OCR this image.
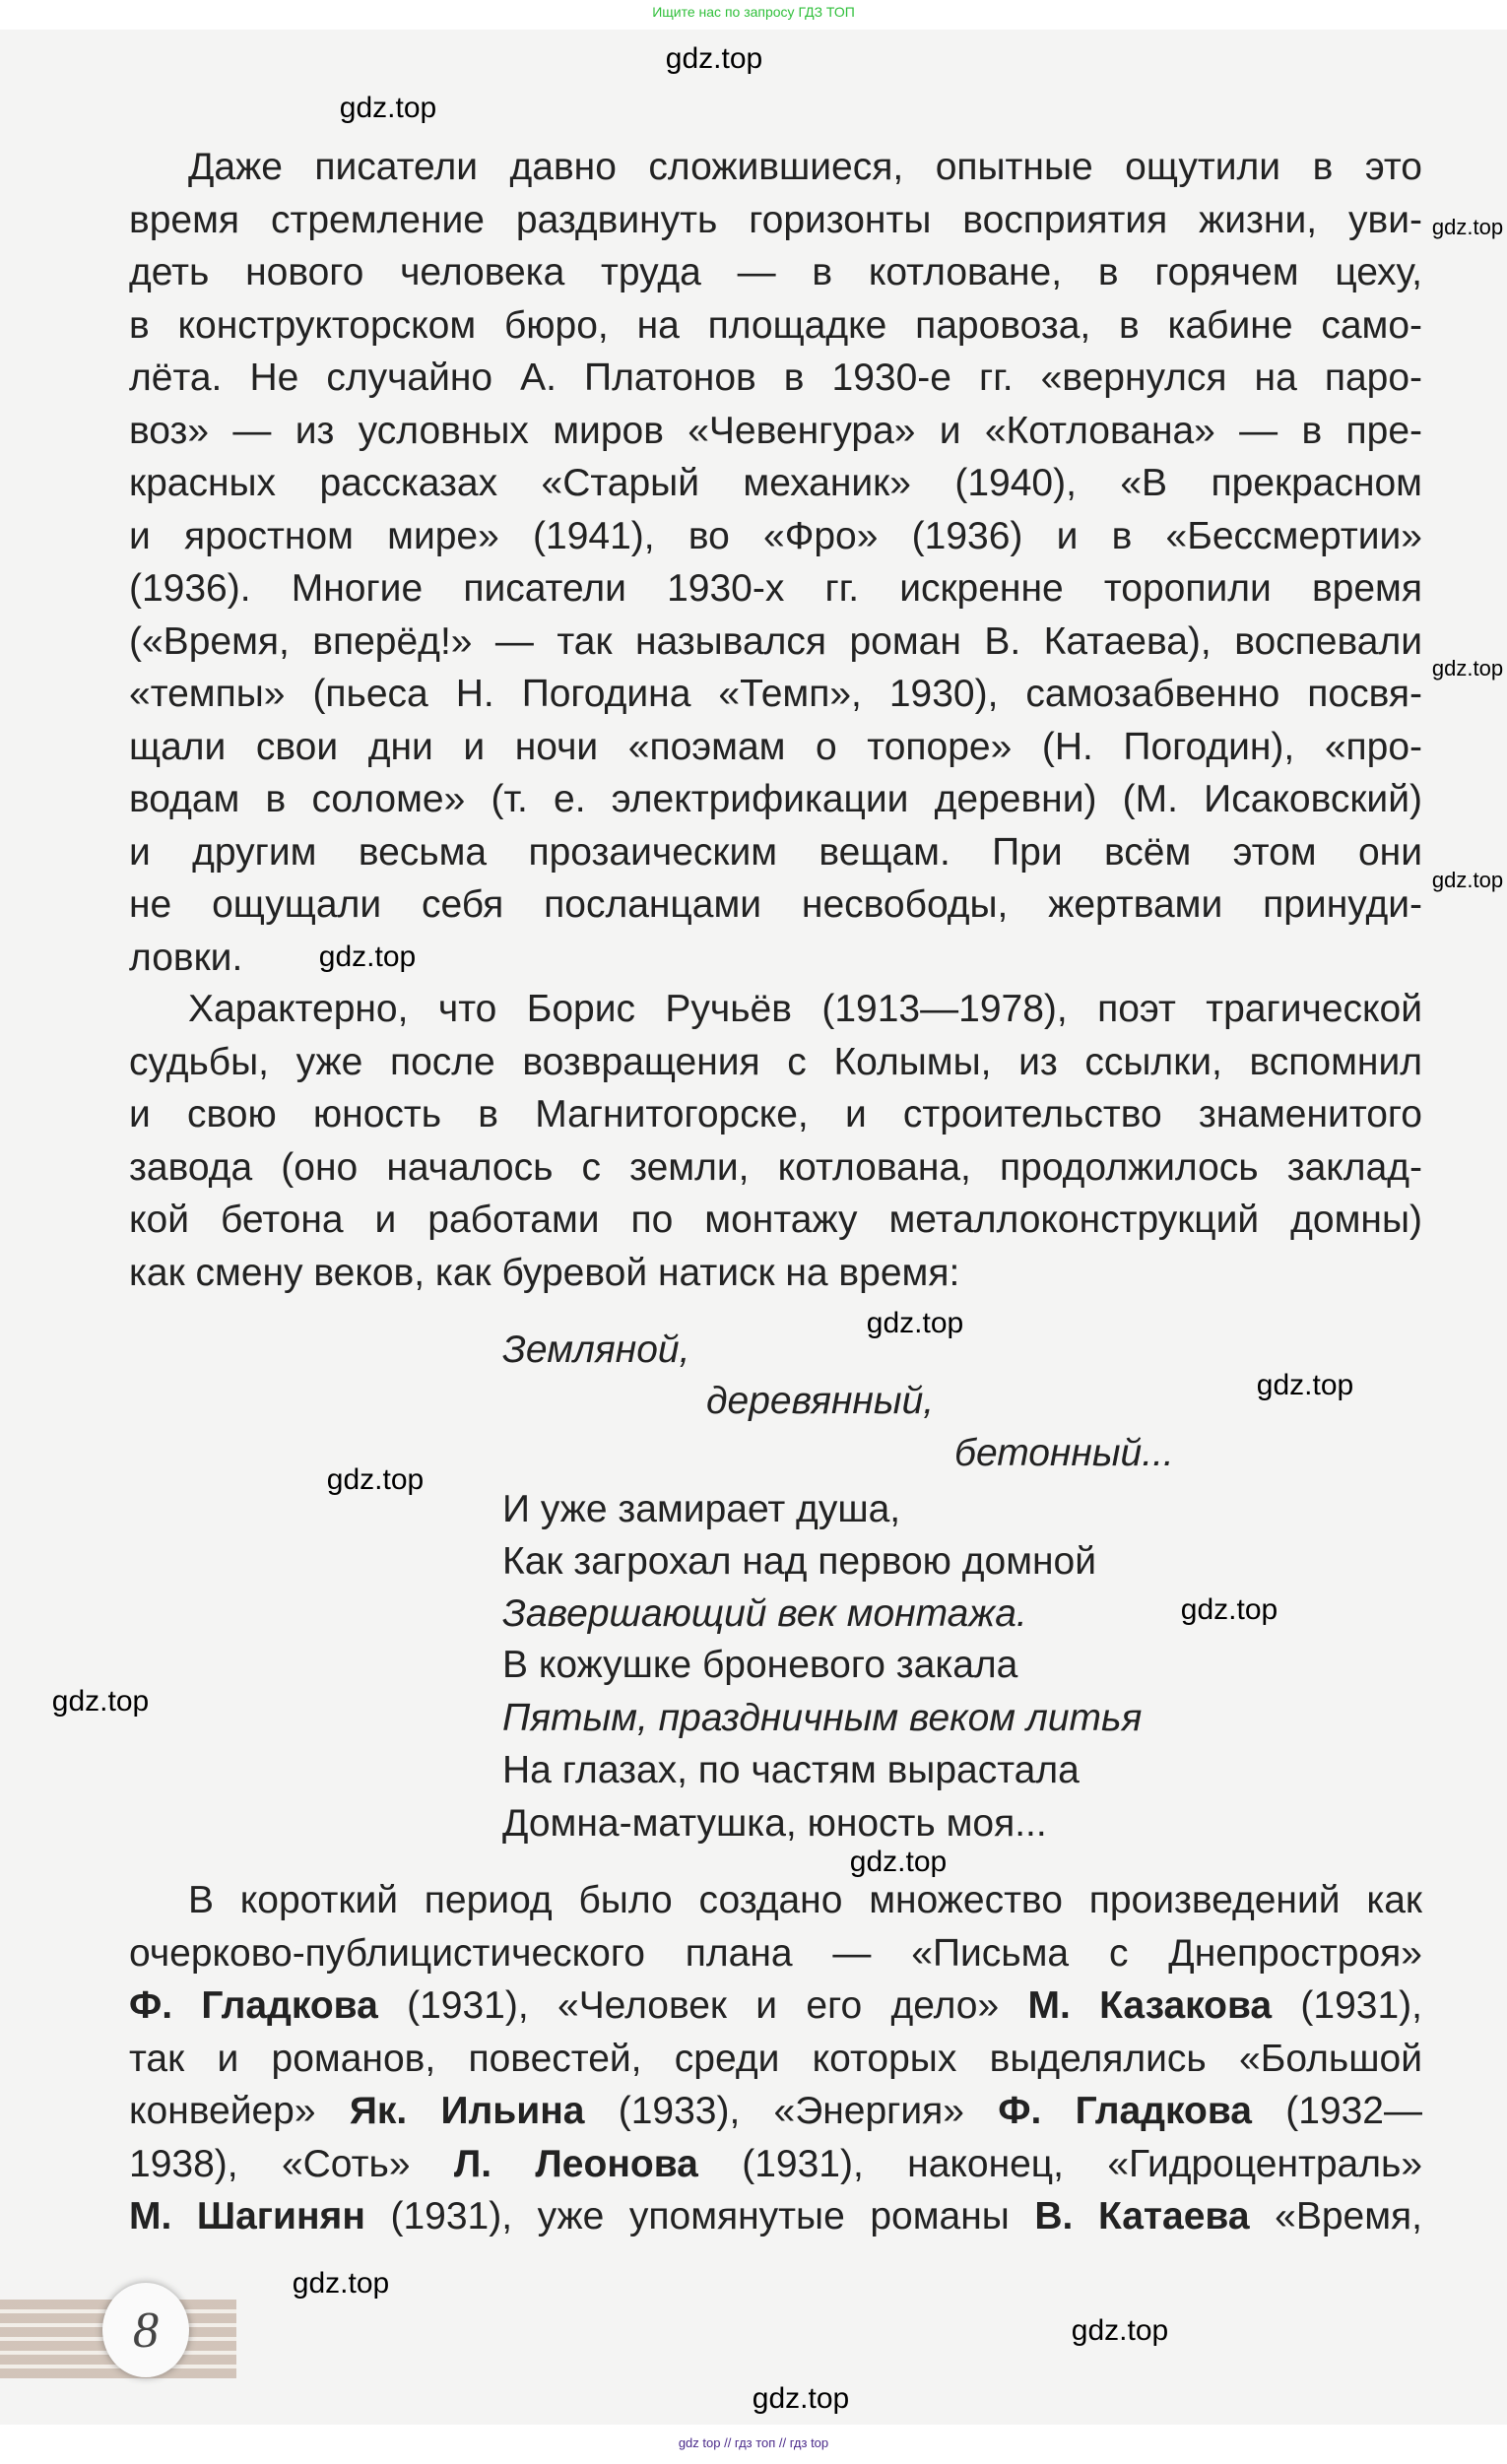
Ищите нас по запросу ГДЗ ТОП
Даже писатели давно сложившиеся, опытные ощутили в это
время стремление раздвинуть горизонты восприятия жизни, уви-
деть нового человека труда — в котловане, в горячем цеху,
в конструкторском бюро, на площадке паровоза, в кабине само-
лёта. Не случайно А. Платонов в 1930-е гг. «вернулся на паро-
воз» — из условных миров «Чевенгура» и «Котлована» — в пре-
красных рассказах «Старый механик» (1940), «В прекрасном
и яростном мире» (1941), во «Фро» (1936) и в «Бессмертии»
(1936). Многие писатели 1930-х гг. искренне торопили время
(«Время, вперёд!» — так назывался роман В. Катаева), воспевали
«темпы» (пьеса Н. Погодина «Темп», 1930), самозабвенно посвя-
щали свои дни и ночи «поэмам о топоре» (Н. Погодин), «про-
водам в соломе» (т. е. электрификации деревни) (М. Исаковский)
и другим весьма прозаическим вещам. При всём этом они
не ощущали себя посланцами несвободы, жертвами принуди-
ловки.
Характерно, что Борис Ручьёв (1913—1978), поэт трагической
судьбы, уже после возвращения с Колымы, из ссылки, вспомнил
и свою юность в Магнитогорске, и строительство знаменитого
завода (оно началось с земли, котлована, продолжилось заклад-
кой бетона и работами по монтажу металлоконструкций домны)
как смену веков, как буревой натиск на время:
В короткий период было создано множество произведений как
очерково-публицистического плана — «Письма с Днепростроя»
Ф. Гладкова (1931), «Человек и его дело» М. Казакова (1931),
так и романов, повестей, среди которых выделялись «Большой
конвейер» Як. Ильина (1933), «Энергия» Ф. Гладкова (1932—
1938), «Соть» Л. Леонова (1931), наконец, «Гидроцентраль»
М. Шагинян (1931), уже упомянутые романы В. Катаева «Время,
Земляной,
деревянный,
бетонный...
И уже замирает душа,
Как загрохал над первою домной
Завершающий век монтажа.
В кожушке броневого закала
Пятым, праздничным веком литья
На глазах, по частям вырастала
Домна-матушка, юность моя...
8
gdz.top
gdz.top
gdz.top
gdz.top
gdz.top
gdz.top
gdz.top
gdz.top
gdz.top
gdz.top
gdz.top
gdz.top
gdz.top
gdz.top
gdz.top
gdz top // гдз топ // гдз top
